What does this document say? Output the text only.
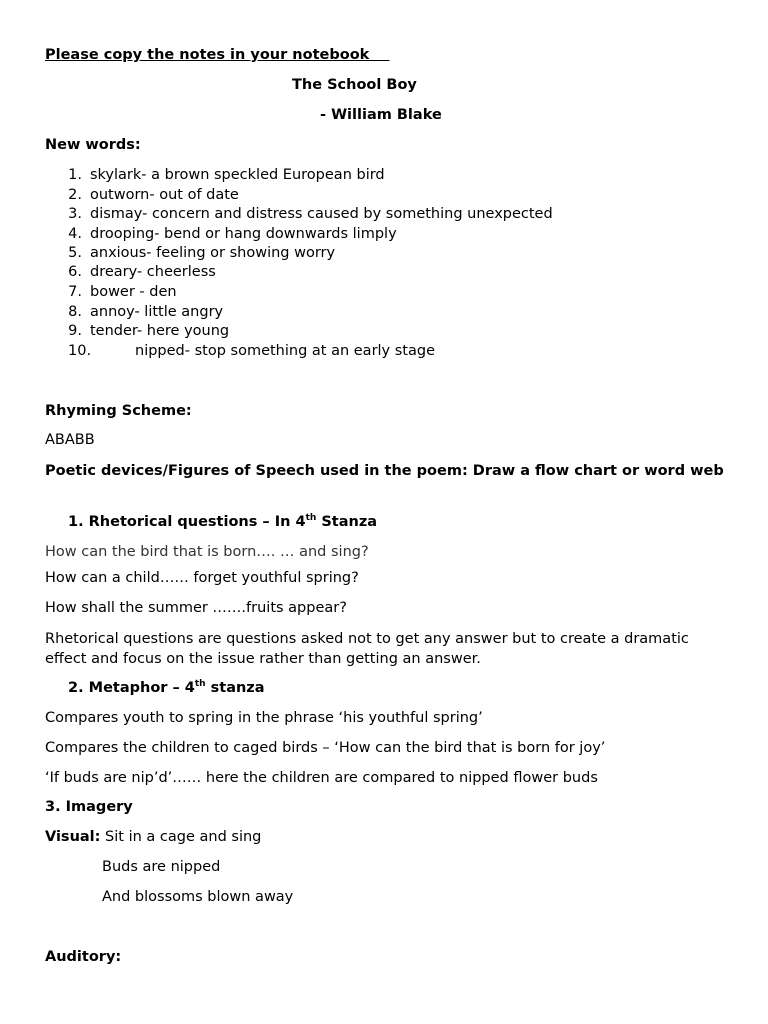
Please copy the notes in your notebook
The School Boy
- William Blake
New words:
1. skylark- a brown speckled European bird
2. outworn- out of date
3. dismay- concern and distress caused by something unexpected
4. drooping- bend or hang downwards limply
5. anxious- feeling or showing worry
6. dreary- cheerless
7. bower - den
8. annoy- little angry
9. tender- here young
10.	nipped- stop something at an early stage
Rhyming Scheme:
ABABB
Poetic devices/Figures of Speech used in the poem: Draw a flow chart or word web
1. Rhetorical questions – In 4th Stanza
How can the bird that is born…. … and sing?
How can a child…… forget youthful spring?
How shall the summer …….fruits appear?
Rhetorical questions are questions asked not to get any answer but to create a dramatic effect and focus on the issue rather than getting an answer.
2. Metaphor – 4th stanza
Compares youth to spring in the phrase ‘his youthful spring’
Compares the children to caged birds – ‘How can the bird that is born for joy’
‘If buds are nip’d’…… here the children are compared to nipped flower buds
3. Imagery
Visual: Sit in a cage and sing
Buds are nipped
And blossoms blown away
Auditory:
